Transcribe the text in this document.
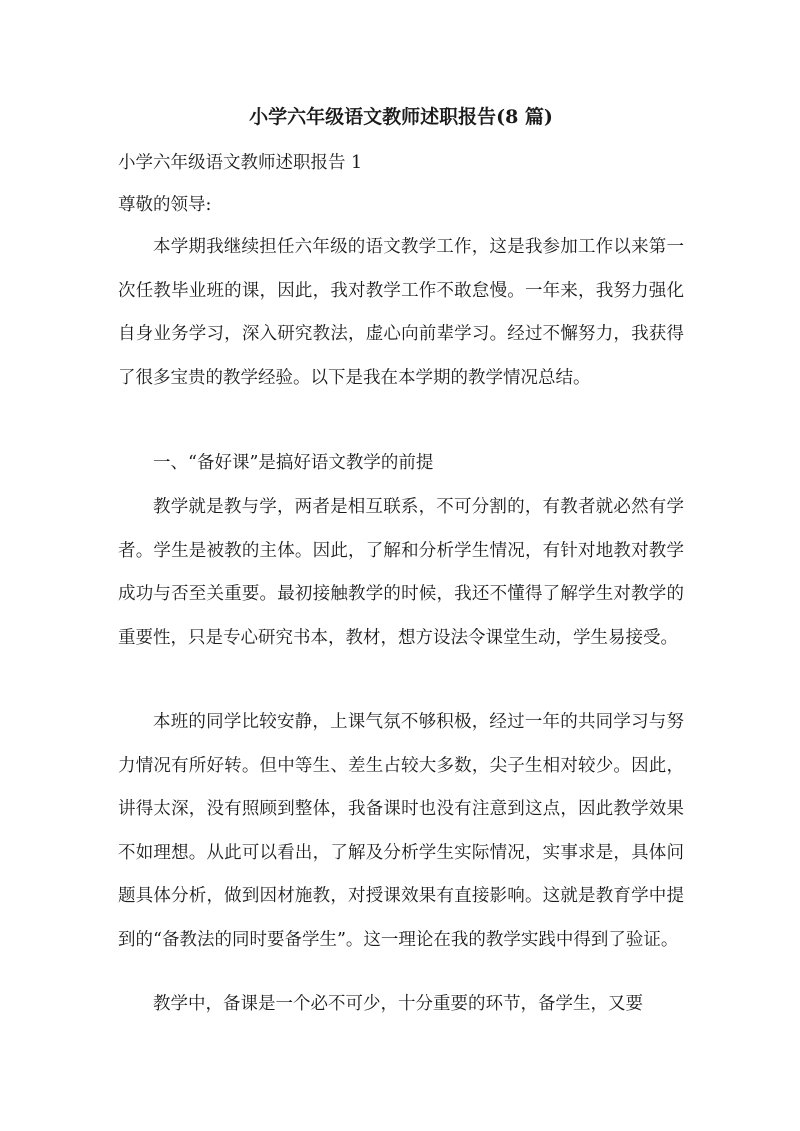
小学六年级语文教师述职报告(8 篇)

小学六年级语文教师述职报告 1

尊敬的领导:

本学期我继续担任六年级的语文教学工作，这是我参加工作以来第一次任教毕业班的课，因此，我对教学工作不敢怠慢。一年来，我努力强化自身业务学习，深入研究教法，虚心向前辈学习。经过不懈努力，我获得了很多宝贵的教学经验。以下是我在本学期的教学情况总结。

一、“备好课”是搞好语文教学的前提

教学就是教与学，两者是相互联系，不可分割的，有教者就必然有学者。学生是被教的主体。因此，了解和分析学生情况，有针对地教对教学成功与否至关重要。最初接触教学的时候，我还不懂得了解学生对教学的重要性，只是专心研究书本，教材，想方设法令课堂生动，学生易接受。

本班的同学比较安静，上课气氛不够积极，经过一年的共同学习与努力情况有所好转。但中等生、差生占较大多数，尖子生相对较少。因此，讲得太深，没有照顾到整体，我备课时也没有注意到这点，因此教学效果不如理想。从此可以看出，了解及分析学生实际情况，实事求是，具体问题具体分析，做到因材施教，对授课效果有直接影响。这就是教育学中提到的“备教法的同时要备学生”。这一理论在我的教学实践中得到了验证。

教学中，备课是一个必不可少，十分重要的环节，备学生，又要
